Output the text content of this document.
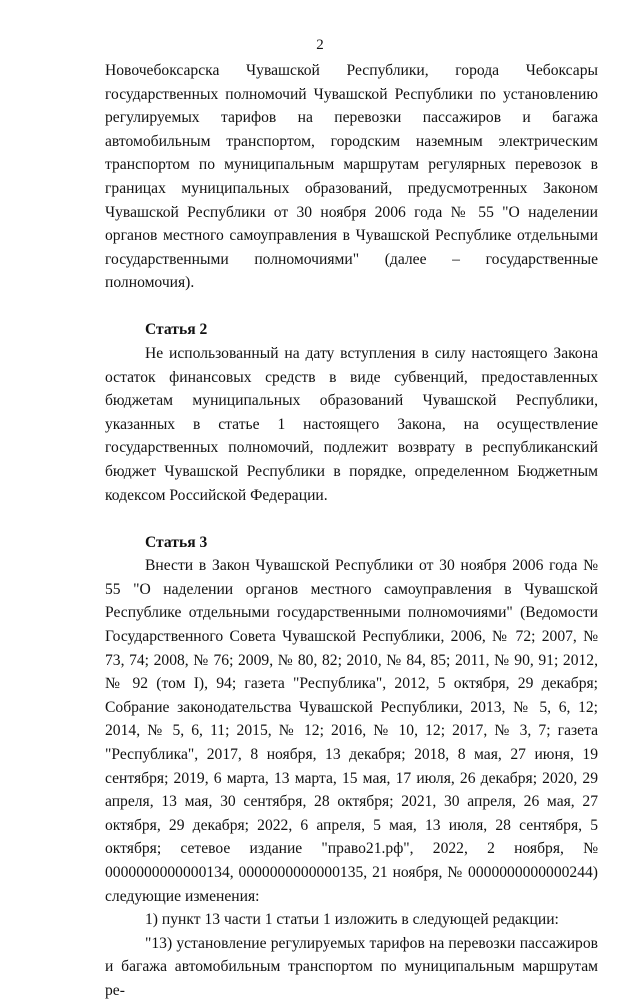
2

Новочебоксарска Чувашской Республики, города Чебоксары государственных полномочий Чувашской Республики по установлению регулируемых тарифов на перевозки пассажиров и багажа автомобильным транспортом, городским наземным электрическим транспортом по муниципальным маршрутам регулярных перевозок в границах муниципальных образований, предусмотренных Законом Чувашской Республики от 30 ноября 2006 года № 55 "О наделении органов местного самоуправления в Чувашской Республике отдельными государственными полномочиями" (далее – государственные полномочия).

Статья 2

Не использованный на дату вступления в силу настоящего Закона остаток финансовых средств в виде субвенций, предоставленных бюджетам муниципальных образований Чувашской Республики, указанных в статье 1 настоящего Закона, на осуществление государственных полномочий, подлежит возврату в республиканский бюджет Чувашской Республики в порядке, определенном Бюджетным кодексом Российской Федерации.

Статья 3

Внести в Закон Чувашской Республики от 30 ноября 2006 года № 55 "О наделении органов местного самоуправления в Чувашской Республике отдельными государственными полномочиями" (Ведомости Государственного Совета Чувашской Республики, 2006, № 72; 2007, № 73, 74; 2008, № 76; 2009, № 80, 82; 2010, № 84, 85; 2011, № 90, 91; 2012, № 92 (том I), 94; газета "Республика", 2012, 5 октября, 29 декабря; Собрание законодательства Чувашской Республики, 2013, № 5, 6, 12; 2014, № 5, 6, 11; 2015, № 12; 2016, № 10, 12; 2017, № 3, 7; газета "Республика", 2017, 8 ноября, 13 декабря; 2018, 8 мая, 27 июня, 19 сентября; 2019, 6 марта, 13 марта, 15 мая, 17 июля, 26 декабря; 2020, 29 апреля, 13 мая, 30 сентября, 28 октября; 2021, 30 апреля, 26 мая, 27 октября, 29 декабря; 2022, 6 апреля, 5 мая, 13 июля, 28 сентября, 5 октября; сетевое издание "право21.рф", 2022, 2 ноября, № 0000000000000134, 0000000000000135, 21 ноября, № 0000000000000244) следующие изменения:

1) пункт 13 части 1 статьи 1 изложить в следующей редакции:

"13) установление регулируемых тарифов на перевозки пассажиров и багажа автомобильным транспортом по муниципальным маршрутам ре-
